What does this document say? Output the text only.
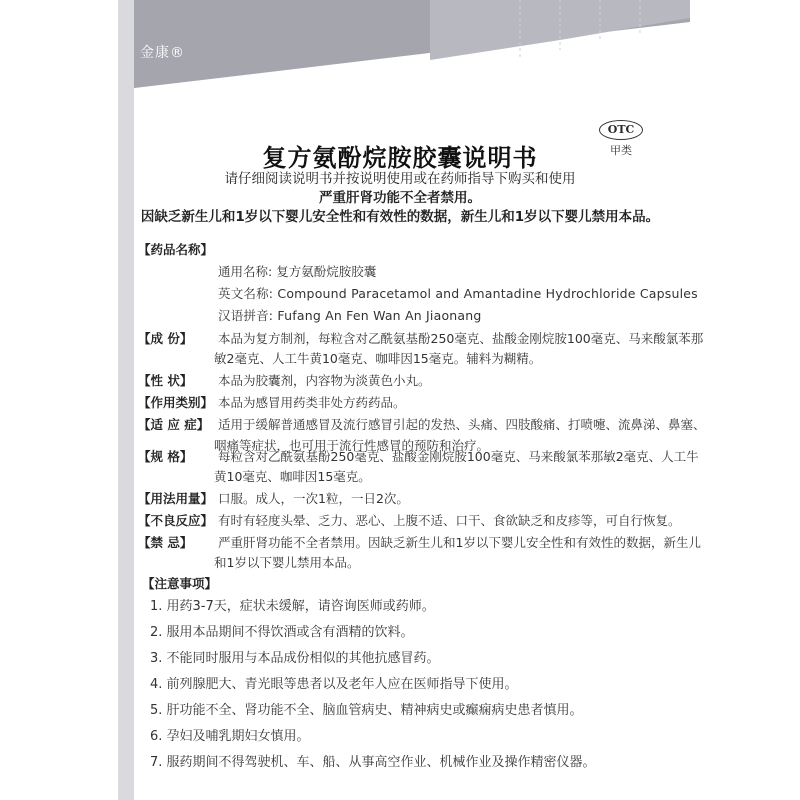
金康®
OTC
甲类
复方氨酚烷胺胶囊说明书
请仔细阅读说明书并按说明使用或在药师指导下购买和使用
严重肝肾功能不全者禁用。
因缺乏新生儿和1岁以下婴儿安全性和有效性的数据，新生儿和1岁以下婴儿禁用本品。
【药品名称】
通用名称: 复方氨酚烷胺胶囊
英文名称: Compound Paracetamol and Amantadine Hydrochloride Capsules
汉语拼音: Fufang An Fen Wan An Jiaonang
【成 份】 本品为复方制剂，每粒含对乙酰氨基酚250毫克、盐酸金刚烷胺100毫克、马来酸氯苯那
敏2毫克、人工牛黄10毫克、咖啡因15毫克。辅料为糊精。
【性 状】 本品为胶囊剂，内容物为淡黄色小丸。
【作用类别】 本品为感冒用药类非处方药药品。
【适 应 症】 适用于缓解普通感冒及流行感冒引起的发热、头痛、四肢酸痛、打喷嚏、流鼻涕、鼻塞、
咽痛等症状，也可用于流行性感冒的预防和治疗。
【规 格】 每粒含对乙酰氨基酚250毫克、盐酸金刚烷胺100毫克、马来酸氯苯那敏2毫克、人工牛
黄10毫克、咖啡因15毫克。
【用法用量】 口服。成人，一次1粒，一日2次。
【不良反应】 有时有轻度头晕、乏力、恶心、上腹不适、口干、食欲缺乏和皮疹等，可自行恢复。
【禁 忌】 严重肝肾功能不全者禁用。因缺乏新生儿和1岁以下婴儿安全性和有效性的数据，新生儿
和1岁以下婴儿禁用本品。
【注意事项】
1. 用药3-7天，症状未缓解，请咨询医师或药师。
2. 服用本品期间不得饮酒或含有酒精的饮料。
3. 不能同时服用与本品成份相似的其他抗感冒药。
4. 前列腺肥大、青光眼等患者以及老年人应在医师指导下使用。
5. 肝功能不全、肾功能不全、脑血管病史、精神病史或癫痫病史患者慎用。
6. 孕妇及哺乳期妇女慎用。
7. 服药期间不得驾驶机、车、船、从事高空作业、机械作业及操作精密仪器。
